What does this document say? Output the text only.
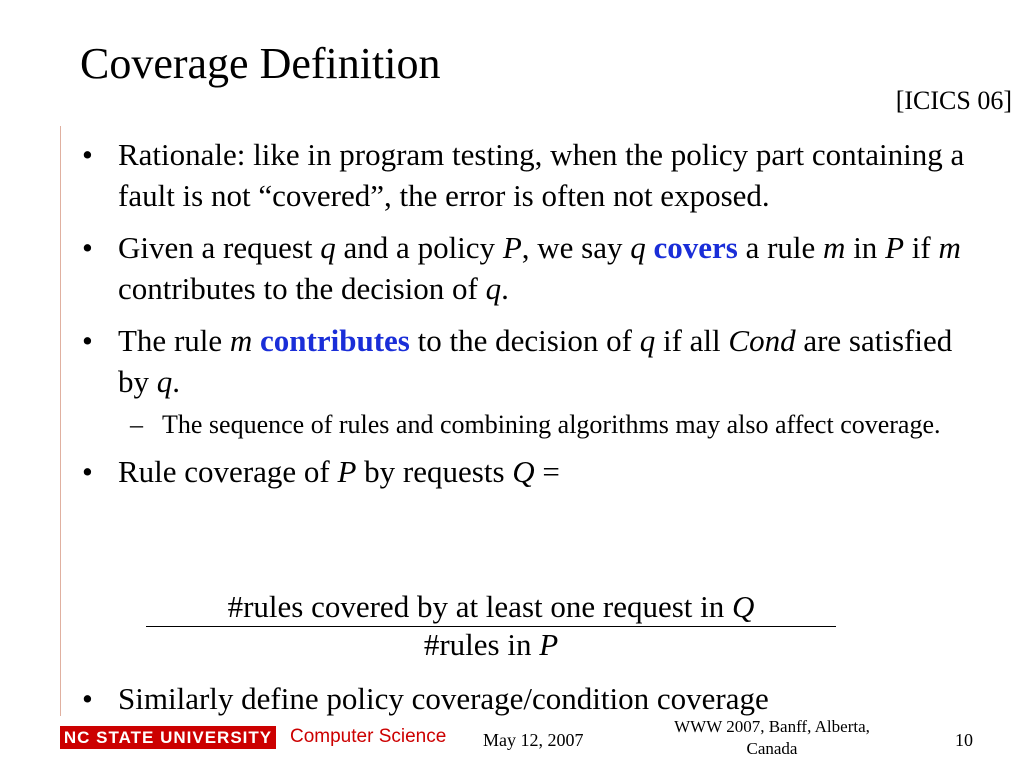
Coverage Definition
[ICICS 06]
• Rationale: like in program testing, when the policy part containing a fault is not “covered”, the error is often not exposed.
• Given a request q and a policy P, we say q covers a rule m in P if m contributes to the decision of q.
• The rule m contributes to the decision of q if all Cond are satisfied by q.
– The sequence of rules and combining algorithms may also affect coverage.
• Rule coverage of P by requests Q =
#rules covered by at least one request in Q
#rules in P
• Similarly define policy coverage/condition coverage
NC STATE UNIVERSITY Computer Science May 12, 2007
WWW 2007, Banff, Alberta, Canada	10
